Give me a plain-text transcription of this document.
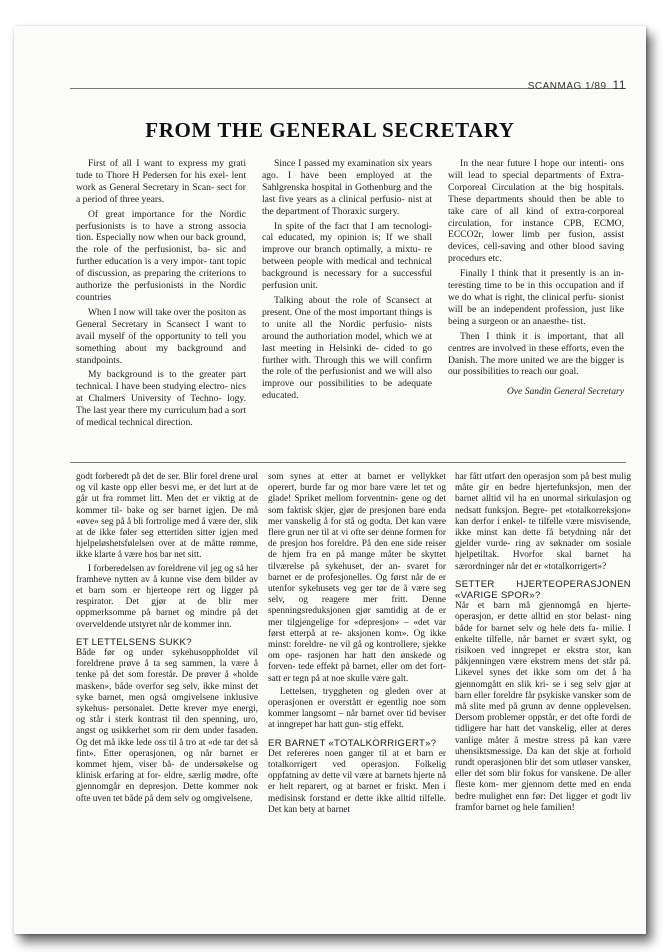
SCANMAG 1/89 11
FROM THE GENERAL SECRETARY

First of all I want to express my grati tude to Thore H Pedersen for his exel- lent work as General Secretary in Scan- sect for a period of three years.

Of great importance for the Nordic perfusionists is to have a strong associa tion. Especially now when our back ground, the role of the perfusionist, ba- sic and further education is a very impor- tant topic of discussion, as preparing the criterions to authorize the perfusionists in the Nordic countries

When I now will take over the positon as General Secretary in Scansect I want to avail myself of the opportunity to tell you something about my background and standpoints.

My background is to the greater part technical. I have been studying electro- nics at Chalmers University of Techno- logy. The last year there my curriculum had a sort of medical technical direction.

Since I passed my examination six years ago. I have been employed at the Sahlgrenska hospital in Gothenburg and the last five years as a clinical perfusio- nist at the department of Thoraxic surgery.

In spite of the fact that I am tecnologi- cal educated, my opinion is; If we shall improve our branch optimally, a mixtu- re between people with medical and technical background is necessary for a successful perfusion unit.

Talking about the role of Scansect at present. One of the most important things is to unite all the Nordic perfusio- nists around the authoriation model, which we at last meeting in Helsinki de- cided to go further with. Through this we will confirm the role of the perfusionist and we will also improve our possibilities to be adequate educated.

In the near future I hope our intenti- ons will lead to special departments of Extra-Corporeal Circulation at the big hospitals. These departments should then be able to take care of all kind of extra-corporeal circulation, for instance CPB, ECMO, ECCO2r, lower limb per fusion, assist devices, cell-saving and other blood saving procedurs etc.

Finally I think that it presently is an in- teresting time to be in this occupation and if we do what is right, the clinical perfu- sionist will be an independent profession, just like being a surgeon or an anaesthe- tist.

Then I think it is important, that all centres are involved in these efforts, even the Danish. The more united we are the bigger is our possibilities to reach our goal.

Ove Sandin General Secretary

godt forberedt på det de ser. Blir forel drene urøl og vil kaste opp eller besvi me, er det lurt at de går ut fra rommet litt. Men det er viktig at de kommer til- bake og ser barnet igjen. De må «øve» seg på å bli fortrolige med å være der, slik at de ikke føler seg ettertiden sitter igjen med hjelpeløshetsfølelsen over at de måtte rømme, ikke klarte å være hos bar net sitt.

I forberedelsen av foreldrene vil jeg og så her framheve nytten av å kunne vise dem bilder av et barn som er hjerteope rert og ligger på respirator. Det gjør at de blir mer oppmerksomme på barnet og mindre på det overveldende utstyret når de kommer inn.

ET LETTELSENS SUKK?

Både før og under sykehusoppholdet vil foreldrene prøve å ta seg sammen, la være å tenke på det som forestår. De prøver å «holde masken», både overfor seg selv, ikke minst det syke barnet, men også omgivelsene inklusive sykehus- personalet. Dette krever mye energi, og står i sterk kontrast til den spenning, uro, angst og usikkerhet som rir dem under fasaden. Og det må ikke lede oss til å tro at «de tar det så fint». Etter operasjonen, og når barnet er kommet hjem, viser bå- de undersøkelse og klinisk erfaring at for- eldre, særlig mødre, ofte gjennomgår en depresjon. Dette kommer nok ofte uven tet både på dem selv og omgivelsene,

som synes at etter at barnet er vellykket operert, burde far og mor bare være let tet og glade! Spriket mellom forventnin- gene og det som faktisk skjer, gjør de presjonen bare enda mer vanskelig å for stå og godta. Det kan være flere grun ner til at vi ofte ser denne formen for de presjon hos foreldre. På den ene side reiser de hjem fra en på mange måter be skyttet tilværelse på sykehuset, der an- svaret for barnet er de profesjonelles. Og først når de er utenfor sykehusets veg ger tør de å være seg selv, og reagere mer fritt. Denne spenningsreduksjonen gjør samtidig at de er mer tilgjengelige for «depresjon» – «det var først etterpå at re- aksjonen kom». Og ikke minst: foreldre- ne vil gå og kontrollere, sjekke om ope- rasjonen har hatt den ønskede og forven- tede effekt på barnet, eller om det fort- satt er tegn på at noe skulle være galt.

Lettelsen, tryggheten og gleden over at operasjonen er overstått er egentlig noe som kommer langsomt – når barnet over tid beviser at inngrepet har hatt gun- stig effekt.

ER BARNET «TOTALKORRIGERT»?

Det refereres noen ganger til at et barn er totalkorrigert ved operasjon. Folkelig oppfatning av dette vil være at barnets hjerte nå er helt reparert, og at barnet er friskt. Men i medisinsk forstand er dette ikke alltid tilfelle. Det kan bety at barnet

har fått utført den operasjon som på best mulig måte gir en bedre hjertefunksjon, men der barnet alltid vil ha en unormal sirkulasjon og nedsatt funksjon. Begre- pet «totalkorreksjon» kan derfor i enkel- te tilfelle være misvisende, ikke minst kan dette få betydning når det gjelder vurde- ring av søknader om sosiale hjelpetiltak. Hvorfor skal barnet ha særordninger når det er «totalkorrigert»?

SETTER HJERTEOPERASJONEN «VARIGE SPOR»?

Når et barn må gjennomgå en hjerte- operasjon, er dette alltid en stor belast- ning både for barnet selv og hele dets fa- milie. I enkelte tilfelle, når barnet er svært sykt, og risikoen ved inngrepet er ekstra stor, kan påkjenningen være ekstrem mens det står på. Likevel synes det ikke som om det å ha gjennomgått en slik kri- se i seg selv gjør at barn eller foreldre får psykiske vansker som de må slite med på grunn av denne opplevelsen. Dersom problemer oppstår, er det ofte fordi de tidligere har hatt det vanskelig, eller at deres vanlige måter å mestre stress på kan være uhensiktsmessige. Da kan det skje at forhold rundt operasjonen blir det som utløser vansker, eller det som blir fokus for vanskene. De aller fleste kom- mer gjennom dette med en enda bedre mulighet enn før: Det ligger et godt liv framfor barnet og hele familien!
